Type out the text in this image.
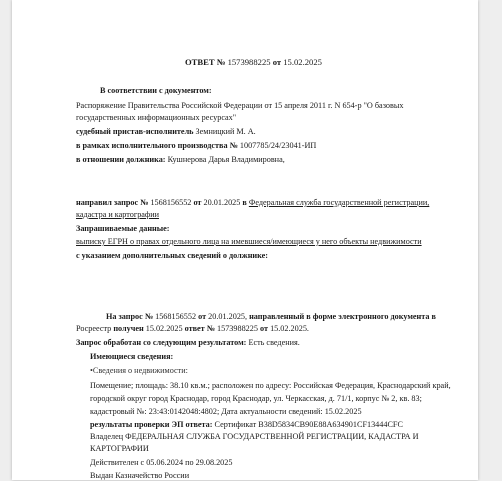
ОТВЕТ № 1573988225 от 15.02.2025
В соответствии с документом:
Распоряжение Правительства Российской Федерации от 15 апреля 2011 г. N 654-р "О базовых
государственных информационных ресурсах"
судебный пристав-исполнитель Земницкий М. А.
в рамках исполнительного производства № 1007785/24/23041-ИП
в отношении должника: Кушнерова Дарья Владимировна,
направил запрос № 1568156552 от 20.01.2025 в Федеральная служба государственной регистрации,
кадастра и картографии
Запрашиваемые данные:
выписку ЕГРН о правах отдельного лица на имевшиеся/имеющиеся у него объекты недвижимости
с указанием дополнительных сведений о должнике:
На запрос № 1568156552 от 20.01.2025, направленный в форме электронного документа в
Росреестр получен 15.02.2025 ответ № 1573988225 от 15.02.2025.
Запрос обработан со следующим результатом: Есть сведения.
Имеющиеся сведения:
•Сведения о недвижимости:
Помещение; площадь: 38.10 кв.м.; расположен по адресу: Российская Федерация, Краснодарский край,
городской округ город Краснодар, город Краснодар, ул. Черкасская, д. 71/1, корпус № 2, кв. 83;
кадастровый №: 23:43:0142048:4802; Дата актуальности сведений: 15.02.2025
результаты проверки ЭП ответа: Сертификат В38D5834CB90E88A634901CF13444CFC
Владелец ФЕДЕРАЛЬНАЯ СЛУЖБА ГОСУДАРСТВЕННОЙ РЕГИСТРАЦИИ, КАДАСТРА И
КАРТОГРАФИИ
Действителен с 05.06.2024 по 29.08.2025
Выдан Казначейство России
